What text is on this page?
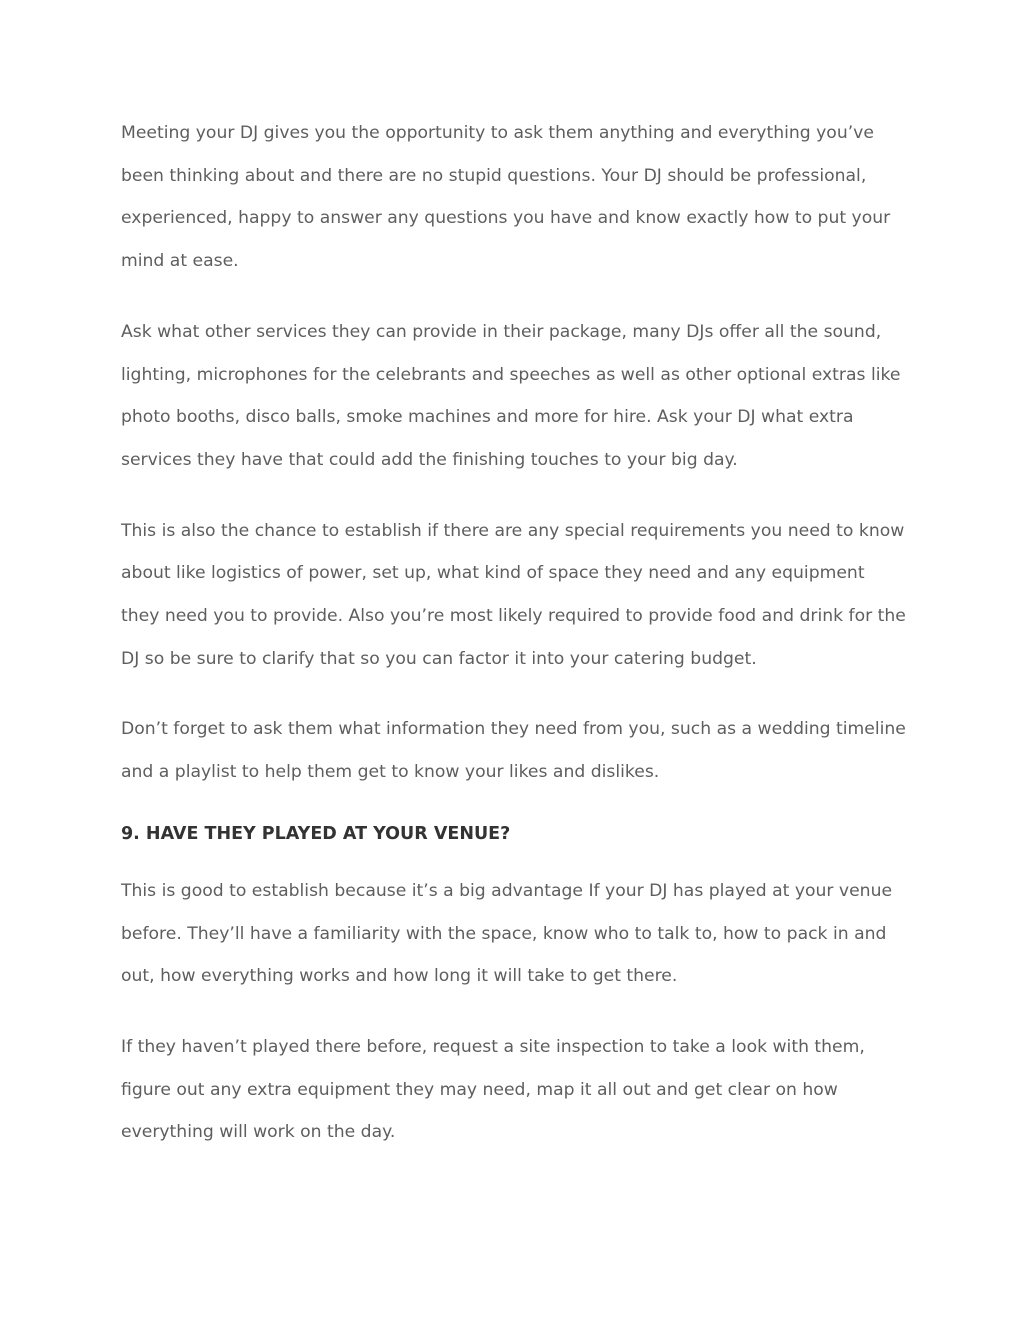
Meeting your DJ gives you the opportunity to ask them anything and everything you’ve been thinking about and there are no stupid questions. Your DJ should be professional, experienced, happy to answer any questions you have and know exactly how to put your mind at ease.

Ask what other services they can provide in their package, many DJs offer all the sound, lighting, microphones for the celebrants and speeches as well as other optional extras like photo booths, disco balls, smoke machines and more for hire. Ask your DJ what extra services they have that could add the finishing touches to your big day.

This is also the chance to establish if there are any special requirements you need to know about like logistics of power, set up, what kind of space they need and any equipment they need you to provide. Also you’re most likely required to provide food and drink for the DJ so be sure to clarify that so you can factor it into your catering budget.

Don’t forget to ask them what information they need from you, such as a wedding timeline and a playlist to help them get to know your likes and dislikes.

9. HAVE THEY PLAYED AT YOUR VENUE?

This is good to establish because it’s a big advantage If your DJ has played at your venue before. They’ll have a familiarity with the space, know who to talk to, how to pack in and out, how everything works and how long it will take to get there.

If they haven’t played there before, request a site inspection to take a look with them, figure out any extra equipment they may need, map it all out and get clear on how everything will work on the day.
